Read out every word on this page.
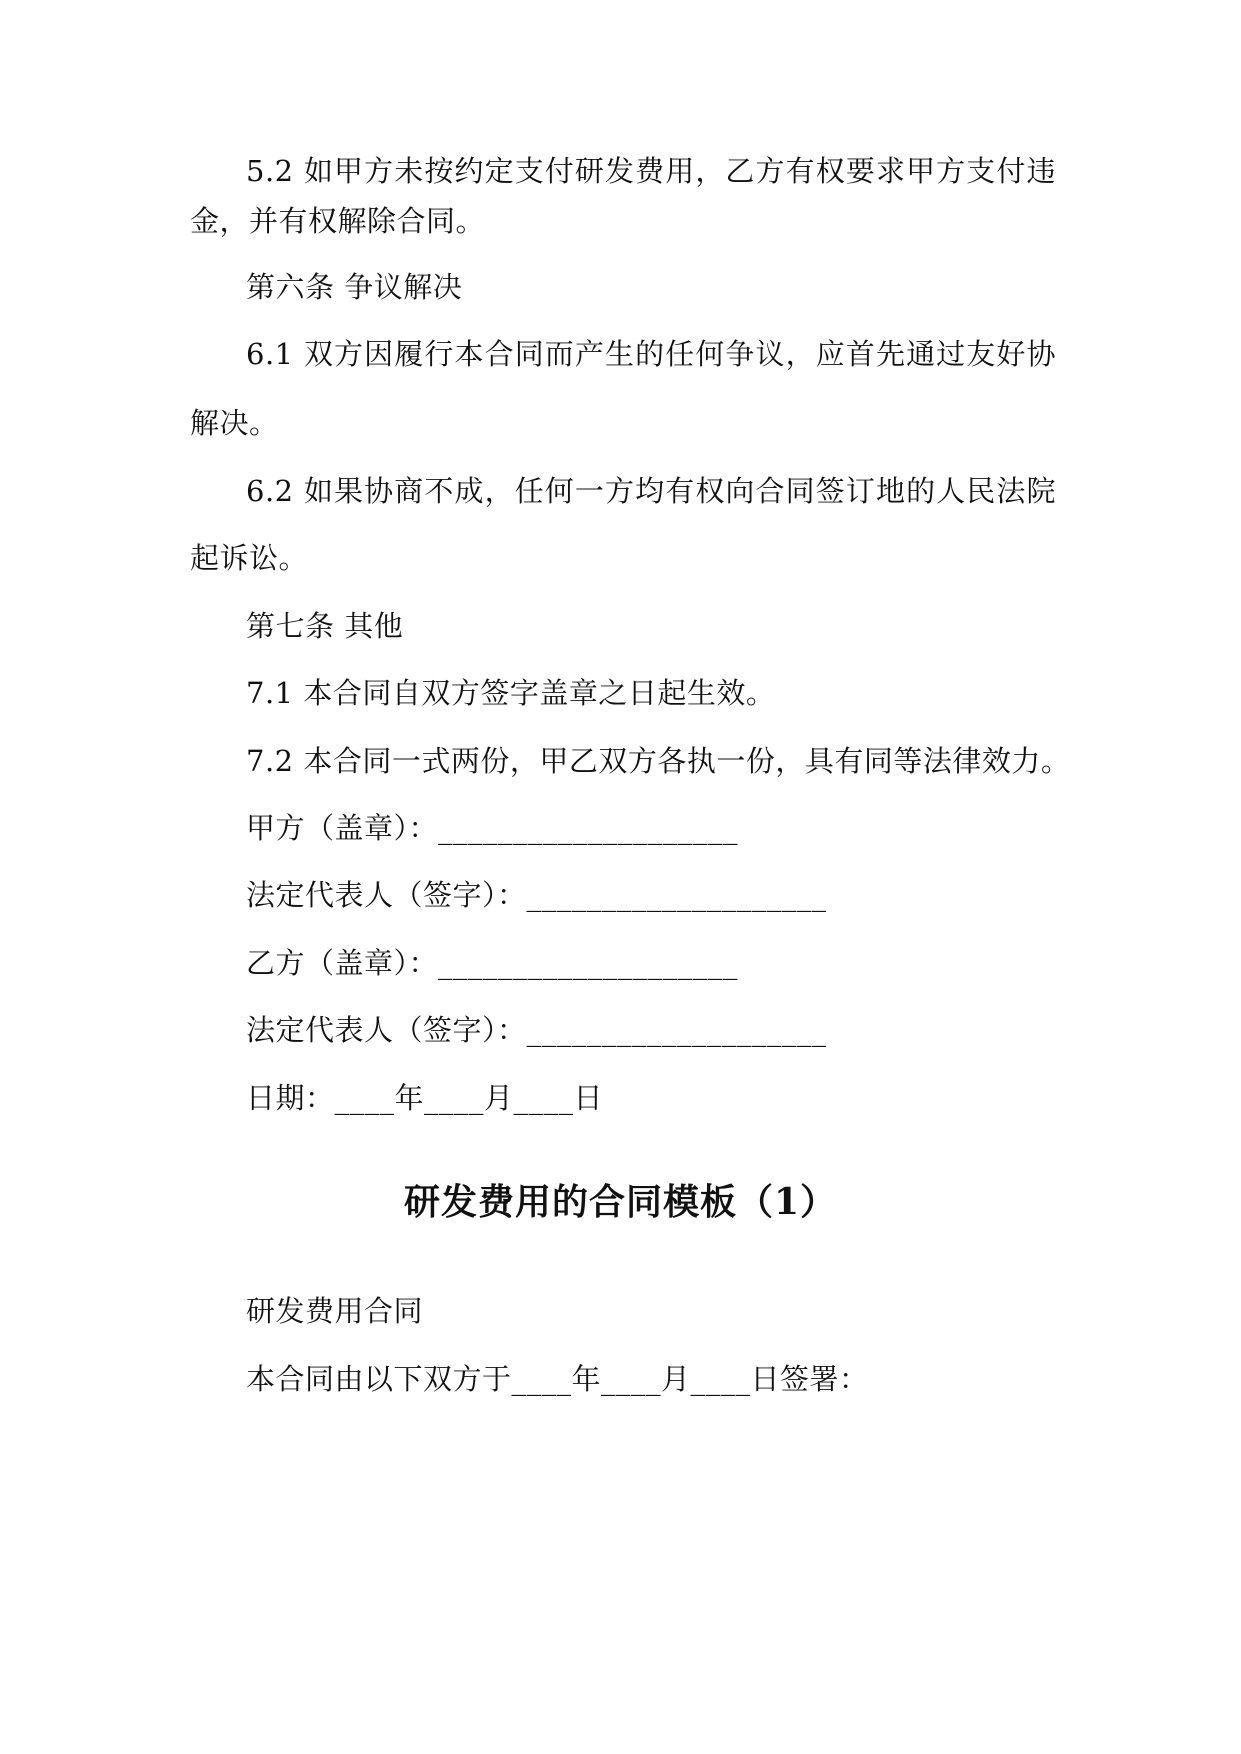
5.2 如甲方未按约定支付研发费用，乙方有权要求甲方支付违
金，并有权解除合同。
第六条 争议解决
6.1 双方因履行本合同而产生的任何争议，应首先通过友好协
解决。
6.2 如果协商不成，任何一方均有权向合同签订地的人民法院
起诉讼。
第七条 其他
7.1 本合同自双方签字盖章之日起生效。
7.2 本合同一式两份，甲乙双方各执一份，具有同等法律效力。
甲方（盖章）：____________________
法定代表人（签字）：____________________
乙方（盖章）：____________________
法定代表人（签字）：____________________
日期：____年____月____日
研发费用的合同模板（1）
研发费用合同
本合同由以下双方于____年____月____日签署：
